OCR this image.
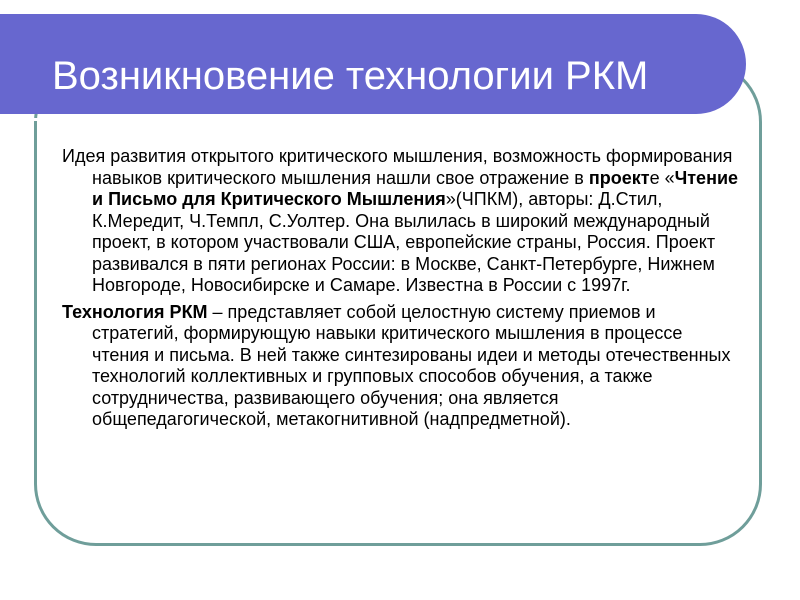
Возникновение технологии РКМ

Идея развития открытого критического мышления, возможность формирования навыков критического мышления нашли свое отражение в проекте «Чтение и Письмо для Критического Мышления»(ЧПКМ), авторы: Д.Стил, К.Мередит, Ч.Темпл, С.Уолтер. Она вылилась в широкий международный проект, в котором участвовали США, европейские страны, Россия. Проект развивался в пяти регионах России: в Москве, Санкт-Петербурге, Нижнем Новгороде, Новосибирске и Самаре. Известна в России с 1997г.

Технология РКМ – представляет собой целостную систему приемов и стратегий, формирующую навыки критического мышления в процессе чтения и письма. В ней также синтезированы идеи и методы отечественных технологий коллективных и групповых способов обучения, а также сотрудничества, развивающего обучения; она является общепедагогической, метакогнитивной (надпредметной).
